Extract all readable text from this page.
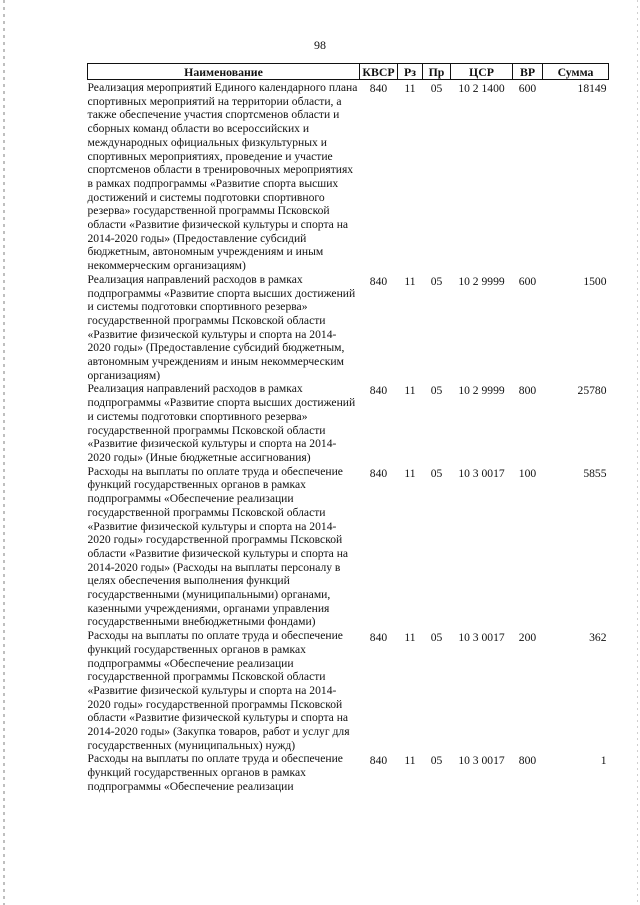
98
Наименование	КВСР	Рз	Пр	ЦСР	ВР	Сумма

Реализация мероприятий Единого календарного плана спортивных мероприятий на территории области, а также обеспечение участия спортсменов области и сборных команд области во всероссийских и международных официальных физкультурных и спортивных мероприятиях, проведение и участие спортсменов области в тренировочных мероприятиях в рамках подпрограммы «Развитие спорта высших достижений и системы подготовки спортивного резерва» государственной программы Псковской области «Развитие физической культуры и спорта на 2014-2020 годы» (Предоставление субсидий бюджетным, автономным учреждениям и иным некоммерческим организациям)	840	11	05	10 2 1400	600	18149

Реализация направлений расходов в рамках подпрограммы «Развитие спорта высших достижений и системы подготовки спортивного резерва» государственной программы Псковской области «Развитие физической культуры и спорта на 2014-2020 годы» (Предоставление субсидий бюджетным, автономным учреждениям и иным некоммерческим организациям)	840	11	05	10 2 9999	600	1500

Реализация направлений расходов в рамках подпрограммы «Развитие спорта высших достижений и системы подготовки спортивного резерва» государственной программы Псковской области «Развитие физической культуры и спорта на 2014-2020 годы» (Иные бюджетные ассигнования)	840	11	05	10 2 9999	800	25780

Расходы на выплаты по оплате труда и обеспечение функций государственных органов в рамках подпрограммы «Обеспечение реализации государственной программы Псковской области «Развитие физической культуры и спорта на 2014-2020 годы» государственной программы Псковской области «Развитие физической культуры и спорта на 2014-2020 годы» (Расходы на выплаты персоналу в целях обеспечения выполнения функций государственными (муниципальными) органами, казенными учреждениями, органами управления государственными внебюджетными фондами)	840	11	05	10 3 0017	100	5855

Расходы на выплаты по оплате труда и обеспечение функций государственных органов в рамках подпрограммы «Обеспечение реализации государственной программы Псковской области «Развитие физической культуры и спорта на 2014-2020 годы» государственной программы Псковской области «Развитие физической культуры и спорта на 2014-2020 годы» (Закупка товаров, работ и услуг для государственных (муниципальных) нужд)	840	11	05	10 3 0017	200	362

Расходы на выплаты по оплате труда и обеспечение функций государственных органов в рамках подпрограммы «Обеспечение реализации	840	11	05	10 3 0017	800	1
